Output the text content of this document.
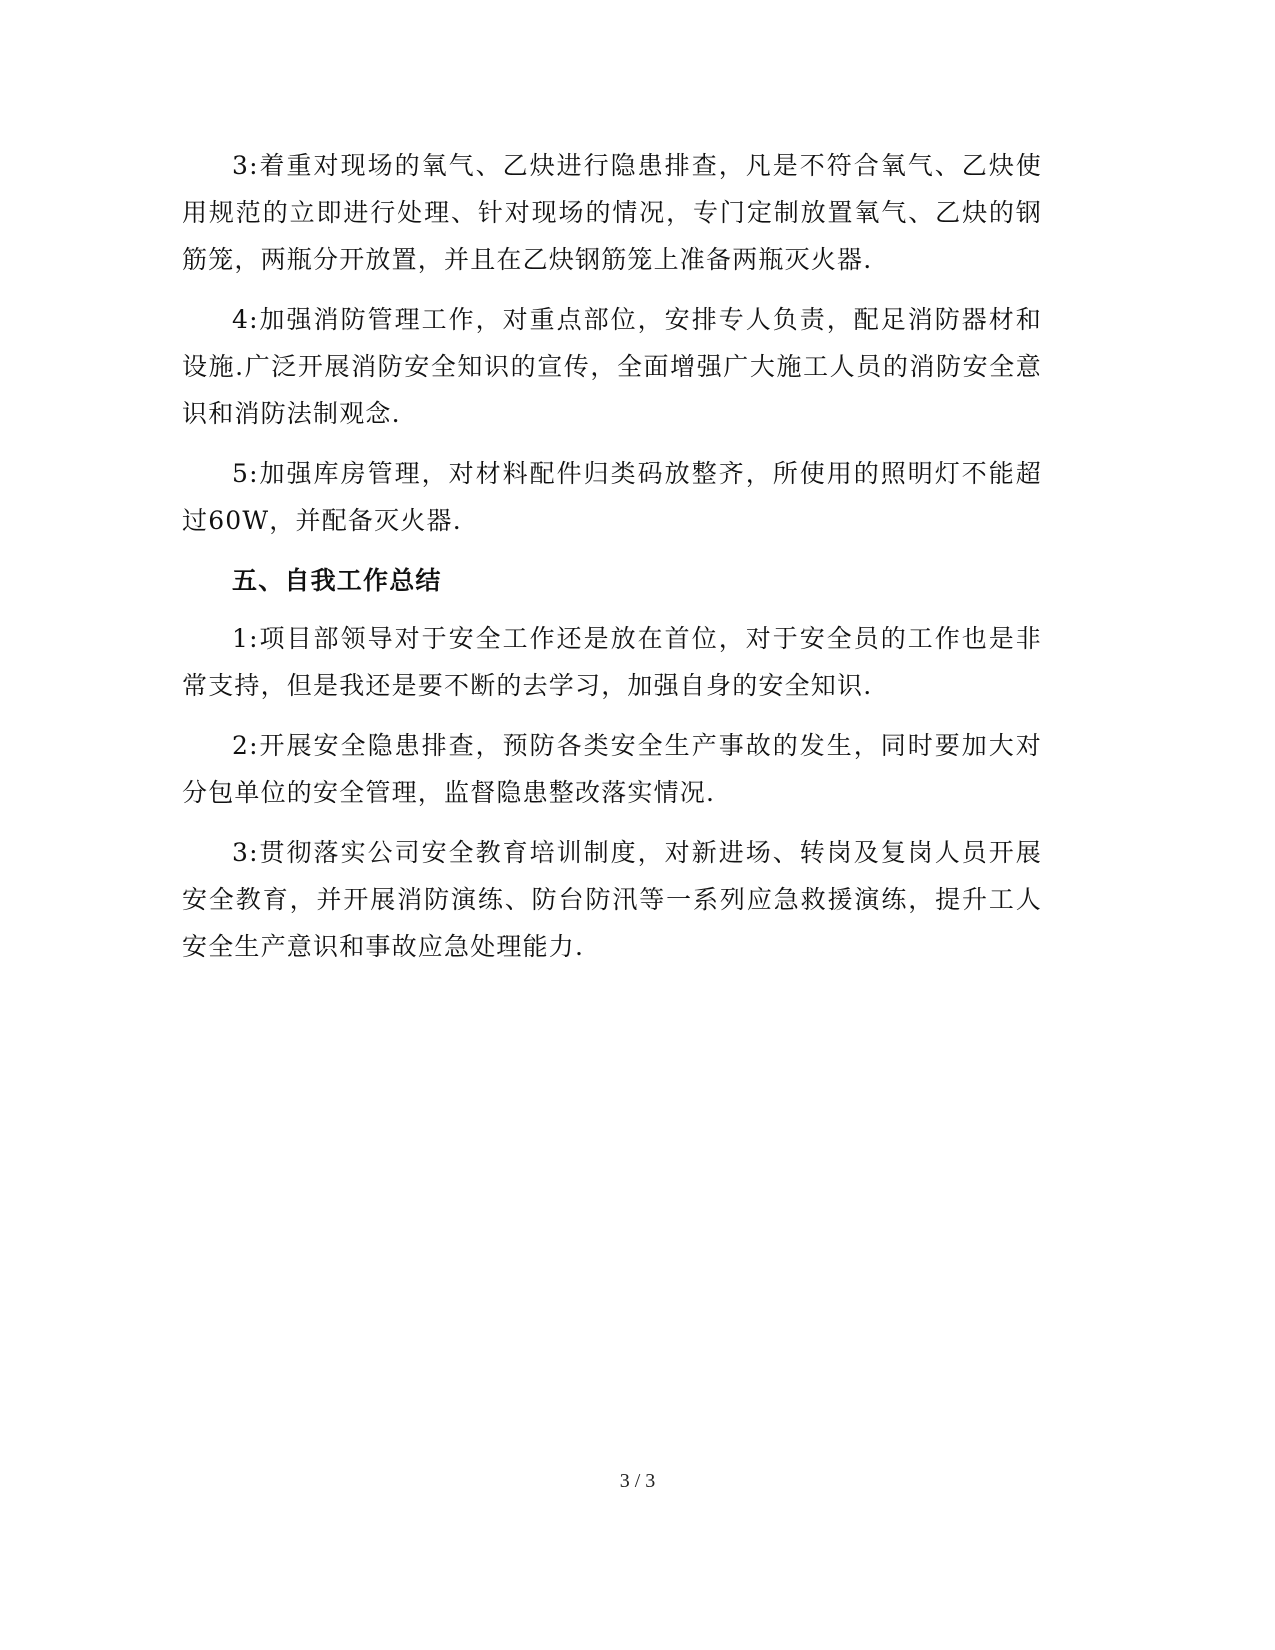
3:着重对现场的氧气、乙炔进行隐患排查，凡是不符合氧气、乙炔使用规范的立即进行处理、针对现场的情况，专门定制放置氧气、乙炔的钢筋笼，两瓶分开放置，并且在乙炔钢筋笼上准备两瓶灭火器.

4:加强消防管理工作，对重点部位，安排专人负责，配足消防器材和设施.广泛开展消防安全知识的宣传，全面增强广大施工人员的消防安全意识和消防法制观念.

5:加强库房管理，对材料配件归类码放整齐，所使用的照明灯不能超过60W，并配备灭火器.

五、自我工作总结

1:项目部领导对于安全工作还是放在首位，对于安全员的工作也是非常支持，但是我还是要不断的去学习，加强自身的安全知识.

2:开展安全隐患排查，预防各类安全生产事故的发生，同时要加大对分包单位的安全管理，监督隐患整改落实情况.

3:贯彻落实公司安全教育培训制度，对新进场、转岗及复岗人员开展安全教育，并开展消防演练、防台防汛等一系列应急救援演练，提升工人安全生产意识和事故应急处理能力.

3 / 3
